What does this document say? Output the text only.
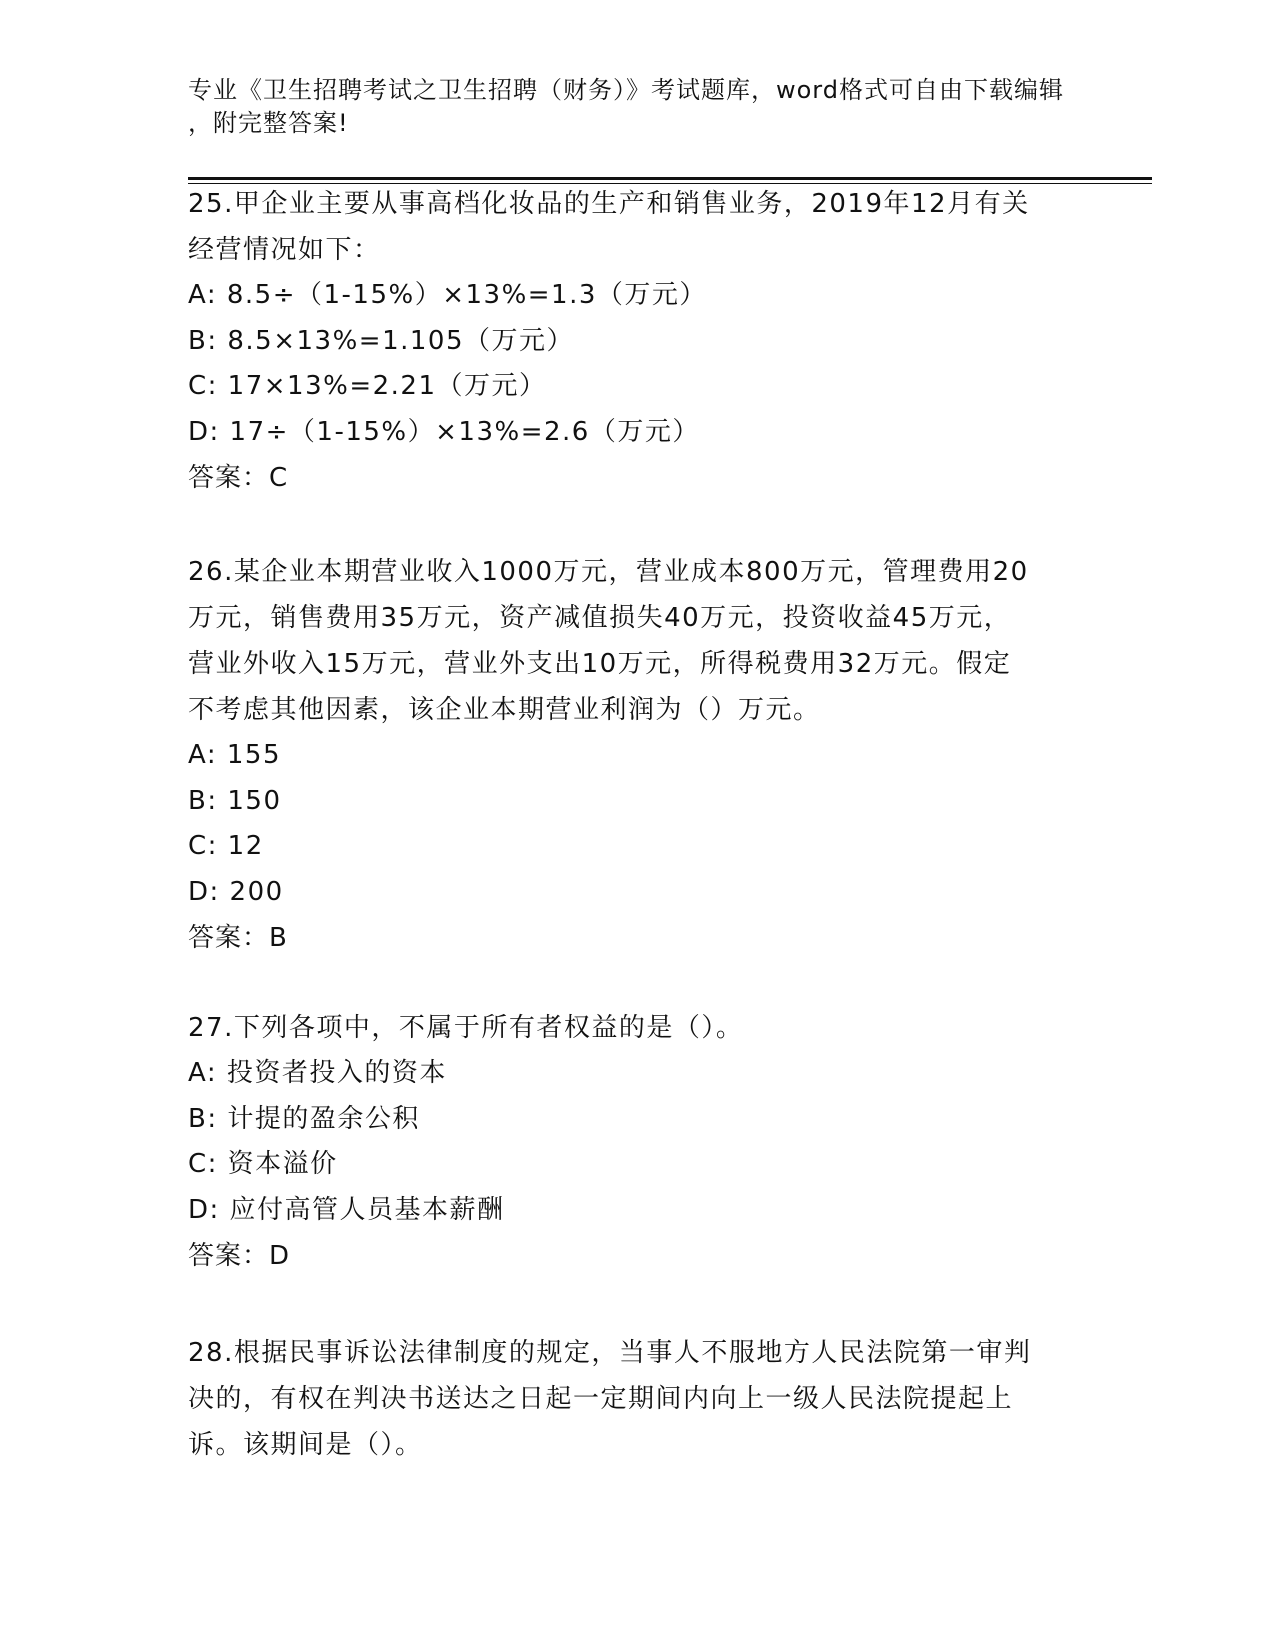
专业《卫生招聘考试之卫生招聘（财务）》考试题库，word格式可自由下载编辑
，附完整答案!
25.甲企业主要从事高档化妆品的生产和销售业务，2019年12月有关
经营情况如下：
A: 8.5÷（1-15%）×13%=1.3（万元）
B: 8.5×13%=1.105（万元）
C: 17×13%=2.21（万元）
D: 17÷（1-15%）×13%=2.6（万元）
答案：C
26.某企业本期营业收入1000万元，营业成本800万元，管理费用20
万元，销售费用35万元，资产减值损失40万元，投资收益45万元，
营业外收入15万元，营业外支出10万元，所得税费用32万元。假定
不考虑其他因素，该企业本期营业利润为（）万元。
A: 155
B: 150
C: 12
D: 200
答案：B
27.下列各项中，不属于所有者权益的是（）。
A: 投资者投入的资本
B: 计提的盈余公积
C: 资本溢价
D: 应付高管人员基本薪酬
答案：D
28.根据民事诉讼法律制度的规定，当事人不服地方人民法院第一审判
决的，有权在判决书送达之日起一定期间内向上一级人民法院提起上
诉。该期间是（）。
